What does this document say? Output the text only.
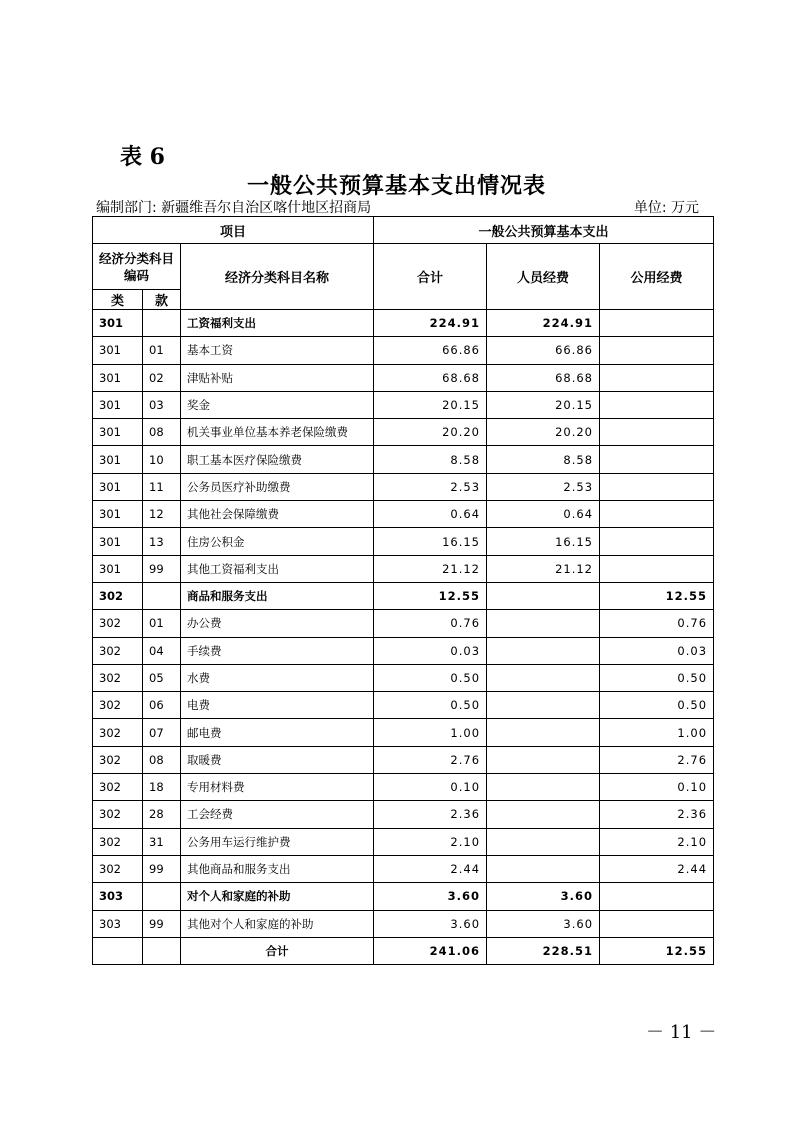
表 6
一般公共预算基本支出情况表
编制部门: 新疆维吾尔自治区喀什地区招商局	单位: 万元
项目			一般公共预算基本支出		
经济分类科目编码		经济分类科目名称	合计	人员经费	公用经费
类	款				
301		工资福利支出	224.91	224.91	
301	01	基本工资	66.86	66.86	
301	02	津贴补贴	68.68	68.68	
301	03	奖金	20.15	20.15	
301	08	机关事业单位基本养老保险缴费	20.20	20.20	
301	10	职工基本医疗保险缴费	8.58	8.58	
301	11	公务员医疗补助缴费	2.53	2.53	
301	12	其他社会保障缴费	0.64	0.64	
301	13	住房公积金	16.15	16.15	
301	99	其他工资福利支出	21.12	21.12	
302		商品和服务支出	12.55		12.55
302	01	办公费	0.76		0.76
302	04	手续费	0.03		0.03
302	05	水费	0.50		0.50
302	06	电费	0.50		0.50
302	07	邮电费	1.00		1.00
302	08	取暖费	2.76		2.76
302	18	专用材料费	0.10		0.10
302	28	工会经费	2.36		2.36
302	31	公务用车运行维护费	2.10		2.10
302	99	其他商品和服务支出	2.44		2.44
303		对个人和家庭的补助	3.60	3.60	
303	99	其他对个人和家庭的补助	3.60	3.60	
		合计	241.06	228.51	12.55
－ 11 －
